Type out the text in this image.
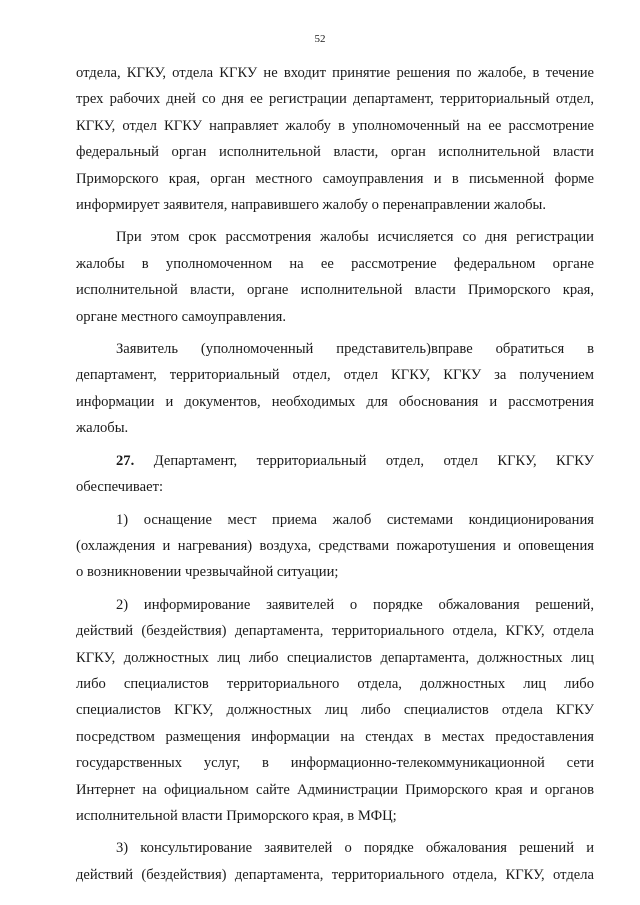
52

отдела, КГКУ, отдела КГКУ не входит принятие решения по жалобе, в течение

трех рабочих дней со дня ее регистрации департамент, территориальный отдел,

КГКУ, отдел КГКУ направляет жалобу в уполномоченный на ее рассмотрение

федеральный орган исполнительной власти, орган исполнительной власти

Приморского края, орган местного самоуправления и в письменной форме

информирует заявителя, направившего жалобу о перенаправлении жалобы.

При этом срок рассмотрения жалобы исчисляется со дня регистрации

жалобы в уполномоченном на ее рассмотрение федеральном органе

исполнительной власти, органе исполнительной власти Приморского края,

органе местного самоуправления.

Заявитель (уполномоченный представитель)вправе обратиться в

департамент, территориальный отдел, отдел КГКУ, КГКУ за получением

информации и документов, необходимых для обоснования и рассмотрения

жалобы.

27. Департамент, территориальный отдел, отдел КГКУ, КГКУ

обеспечивает:

1) оснащение мест приема жалоб системами кондиционирования

(охлаждения и нагревания) воздуха, средствами пожаротушения и оповещения

о возникновении чрезвычайной ситуации;

2) информирование заявителей о порядке обжалования решений,

действий (бездействия) департамента, территориального отдела, КГКУ, отдела

КГКУ, должностных лиц либо специалистов департамента, должностных лиц

либо специалистов территориального отдела, должностных лиц либо

специалистов КГКУ, должностных лиц либо специалистов отдела КГКУ

посредством размещения информации на стендах в местах предоставления

государственных услуг, в информационно-телекоммуникационной сети

Интернет на официальном сайте Администрации Приморского края и органов

исполнительной власти Приморского края, в МФЦ;

3) консультирование заявителей о порядке обжалования решений и

действий (бездействия) департамента, территориального отдела, КГКУ, отдела
